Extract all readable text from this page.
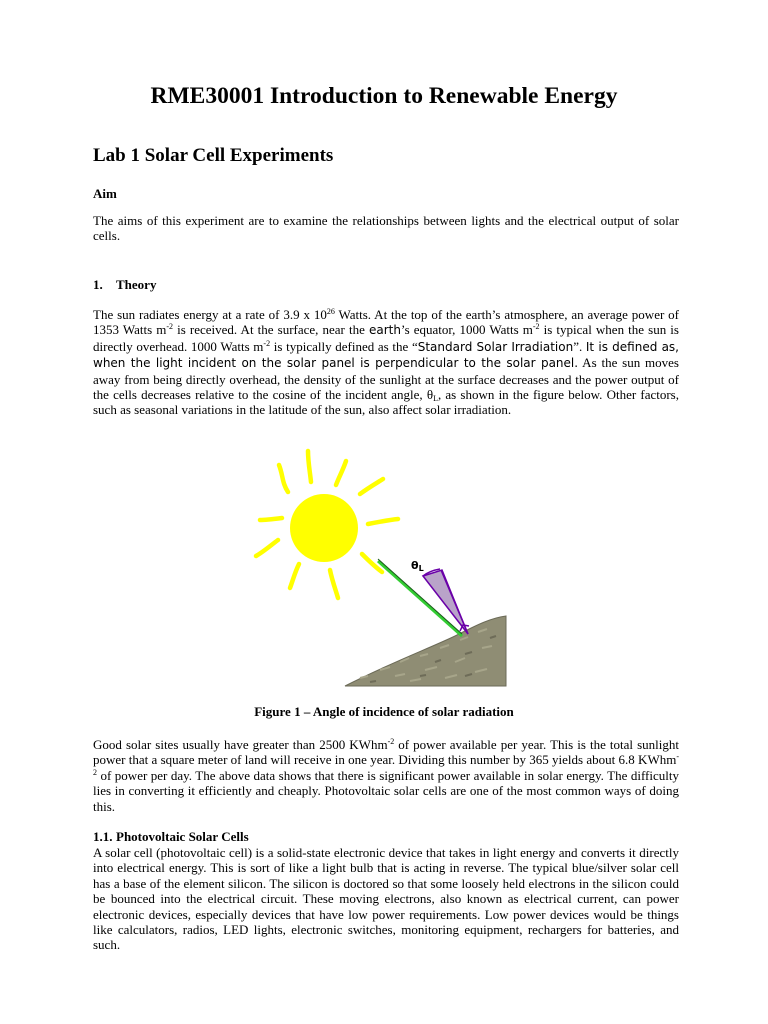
RME30001 Introduction to Renewable Energy
Lab 1 Solar Cell Experiments
Aim

The aims of this experiment are to examine the relationships between lights and the electrical output of solar cells.

1. Theory

The sun radiates energy at a rate of 3.9 x $10^{26}$ Watts. At the top of the earth’s atmosphere, an average power of 1353 Watts $m^{-2}$ is received. At the surface, near the earth’s equator, 1000 Watts $m^{-2}$ is typical when the sun is directly overhead. 1000 Watts $m^{-2}$ is typically defined as the “Standard Solar Irradiation”. It is defined as, when the light incident on the solar panel is perpendicular to the solar panel. As the sun moves away from being directly overhead, the density of the sunlight at the surface decreases and the power output of the cells decreases relative to the cosine of the incident angle, $\theta_L$, as shown in the figure below. Other factors, such as seasonal variations in the latitude of the sun, also affect solar irradiation.

θL
Figure 1 – Angle of incidence of solar radiation

Good solar sites usually have greater than 2500 KWhm$^{-2}$ of power available per year. This is the total sunlight power that a square meter of land will receive in one year. Dividing this number by 365 yields about 6.8 KWhm$^{-2}$ of power per day. The above data shows that there is significant power available in solar energy. The difficulty lies in converting it efficiently and cheaply. Photovoltaic solar cells are one of the most common ways of doing this.

1.1. Photovoltaic Solar Cells

A solar cell (photovoltaic cell) is a solid-state electronic device that takes in light energy and converts it directly into electrical energy. This is sort of like a light bulb that is acting in reverse. The typical blue/silver solar cell has a base of the element silicon. The silicon is doctored so that some loosely held electrons in the silicon could be bounced into the electrical circuit. These moving electrons, also known as electrical current, can power electronic devices, especially devices that have low power requirements. Low power devices would be things like calculators, radios, LED lights, electronic switches, monitoring equipment, rechargers for batteries, and such.
